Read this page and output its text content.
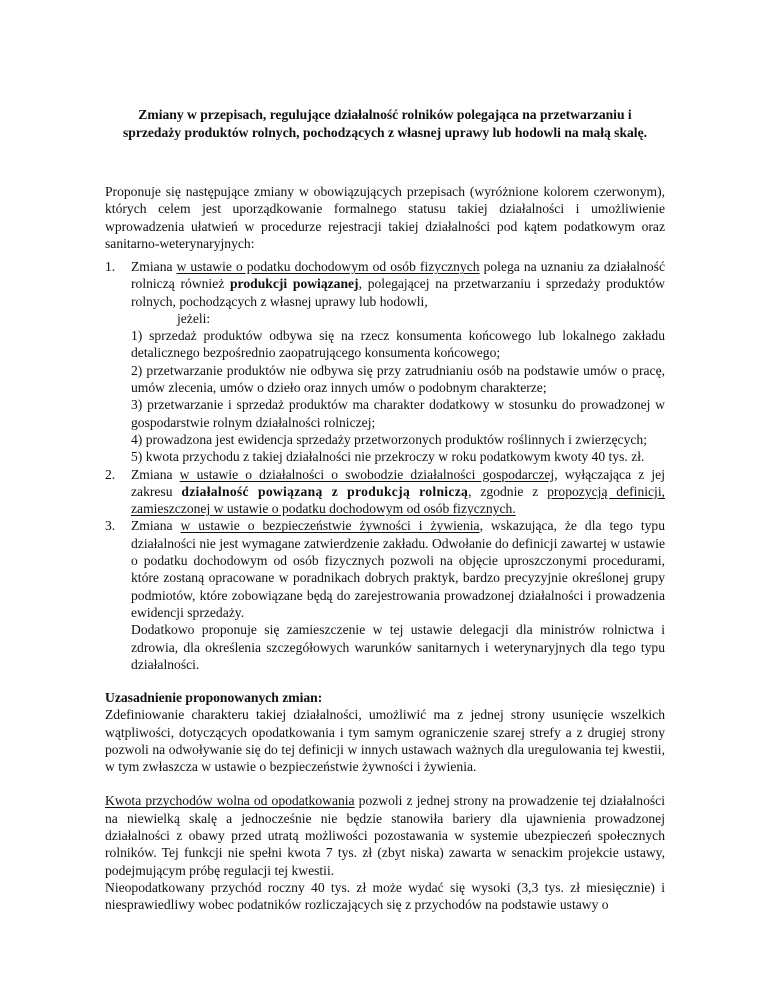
Zmiany w przepisach, regulujące działalność rolników polegająca na przetwarzaniu i sprzedaży produktów rolnych, pochodzących z własnej uprawy lub hodowli na małą skalę.
Proponuje się następujące zmiany w obowiązujących przepisach (wyróżnione kolorem czerwonym), których celem jest uporządkowanie formalnego statusu takiej działalności i umożliwienie wprowadzenia ułatwień w procedurze rejestracji takiej działalności pod kątem podatkowym oraz sanitarno-weterynaryjnych:
1. Zmiana w ustawie o podatku dochodowym od osób fizycznych polega na uznaniu za działalność rolniczą również produkcji powiązanej, polegającej na przetwarzaniu i sprzedaży produktów rolnych, pochodzących z własnej uprawy lub hodowli,
jeżeli:
1) sprzedaż produktów odbywa się na rzecz konsumenta końcowego lub lokalnego zakładu detalicznego bezpośrednio zaopatrującego konsumenta końcowego;
2) przetwarzanie produktów nie odbywa się przy zatrudnianiu osób na podstawie umów o pracę, umów zlecenia, umów o dzieło oraz innych umów o podobnym charakterze;
3) przetwarzanie i sprzedaż produktów ma charakter dodatkowy w stosunku do prowadzonej w gospodarstwie rolnym działalności rolniczej;
4) prowadzona jest ewidencja sprzedaży przetworzonych produktów roślinnych i zwierzęcych;
5) kwota przychodu z takiej działalności nie przekroczy w roku podatkowym kwoty 40 tys. zł.
2. Zmiana w ustawie o działalności o swobodzie działalności gospodarczej, wyłączająca z jej zakresu działalność powiązaną z produkcją rolniczą, zgodnie z propozycją definicji, zamieszczonej w ustawie o podatku dochodowym od osób fizycznych.
3. Zmiana w ustawie o bezpieczeństwie żywności i żywienia, wskazująca, że dla tego typu działalności nie jest wymagane zatwierdzenie zakładu. Odwołanie do definicji zawartej w ustawie o podatku dochodowym od osób fizycznych pozwoli na objęcie uproszczonymi procedurami, które zostaną opracowane w poradnikach dobrych praktyk, bardzo precyzyjnie określonej grupy podmiotów, które zobowiązane będą do zarejestrowania prowadzonej działalności i prowadzenia ewidencji sprzedaży.
Dodatkowo proponuje się zamieszczenie w tej ustawie delegacji dla ministrów rolnictwa i zdrowia, dla określenia szczegółowych warunków sanitarnych i weterynaryjnych dla tego typu działalności.
Uzasadnienie proponowanych zmian:
Zdefiniowanie charakteru takiej działalności, umożliwić ma z jednej strony usunięcie wszelkich wątpliwości, dotyczących opodatkowania i tym samym ograniczenie szarej strefy a z drugiej strony pozwoli na odwoływanie się do tej definicji w innych ustawach ważnych dla uregulowania tej kwestii, w tym zwłaszcza w ustawie o bezpieczeństwie żywności i żywienia.
Kwota przychodów wolna od opodatkowania pozwoli z jednej strony na prowadzenie tej działalności na niewielką skalę a jednocześnie nie będzie stanowiła bariery dla ujawnienia prowadzonej działalności z obawy przed utratą możliwości pozostawania w systemie ubezpieczeń społecznych rolników. Tej funkcji nie spełni kwota 7 tys. zł (zbyt niska) zawarta w senackim projekcie ustawy, podejmującym próbę regulacji tej kwestii.
Nieopodatkowany przychód roczny 40 tys. zł może wydać się wysoki (3,3 tys. zł miesięcznie) i niesprawiedliwy wobec podatników rozliczających się z przychodów na podstawie ustawy o
